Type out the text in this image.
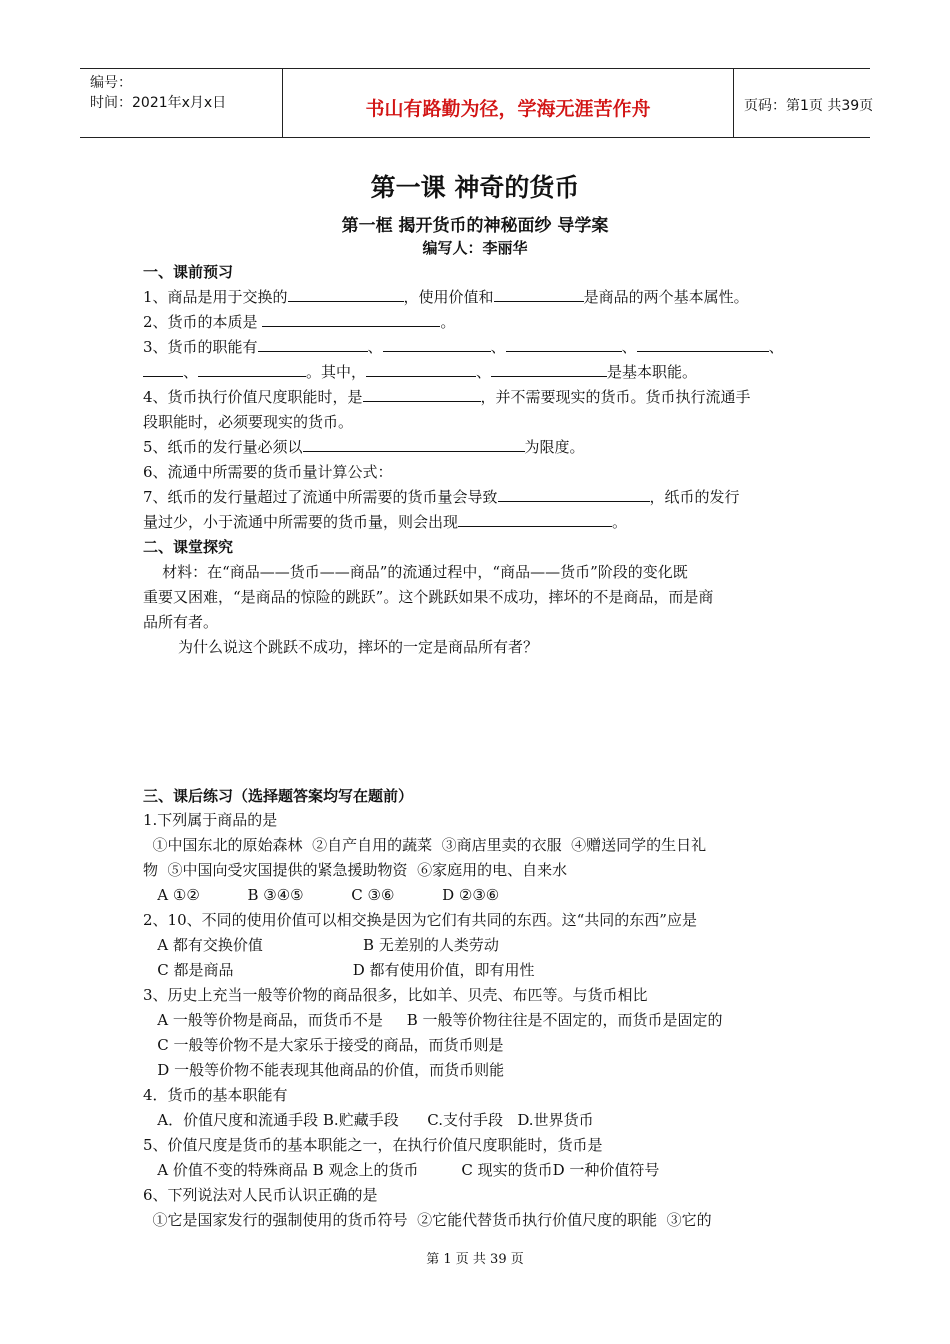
编号：
时间：2021年x月x日	书山有路勤为径，学海无涯苦作舟	页码：第1页 共39页
第一课 神奇的货币
第一框 揭开货币的神秘面纱 导学案
编写人：李丽华
一、课前预习
1、商品是用于交换的	，使用价值和	是商品的两个基本属性。
2、货币的本质是	。
3、货币的职能有	、	、	、	、
、	。其中，	、	是基本职能。
4、货币执行价值尺度职能时，是	，并不需要现实的货币。货币执行流通手
段职能时，必须要现实的货币。
5、纸币的发行量必须以	为限度。
6、流通中所需要的货币量计算公式：
7、纸币的发行量超过了流通中所需要的货币量会导致	，纸币的发行
量过少，小于流通中所需要的货币量，则会出现	。
二、课堂探究
材料：在“商品——货币——商品”的流通过程中，“商品——货币”阶段的变化既
重要又困难，“是商品的惊险的跳跃”。这个跳跃如果不成功，摔坏的不是商品，而是商
品所有者。
为什么说这个跳跃不成功，摔坏的一定是商品所有者？
三、课后练习（选择题答案均写在题前）
1.下列属于商品的是
①中国东北的原始森林  ②自产自用的蔬菜  ③商店里卖的衣服  ④赠送同学的生日礼
物  ⑤中国向受灾国提供的紧急援助物资  ⑥家庭用的电、自来水
A ①②          B ③④⑤          C ③⑥          D ②③⑥
2、10、不同的使用价值可以相交换是因为它们有共同的东西。这“共同的东西”应是
A 都有交换价值                     B 无差别的人类劳动
C 都是商品                         D 都有使用价值，即有用性
3、历史上充当一般等价物的商品很多，比如羊、贝壳、布匹等。与货币相比
A 一般等价物是商品，而货币不是     B 一般等价物往往是不固定的，而货币是固定的
C 一般等价物不是大家乐于接受的商品，而货币则是
D 一般等价物不能表现其他商品的价值，而货币则能
4．货币的基本职能有
A．价值尺度和流通手段 B.贮藏手段      C.支付手段   D.世界货币
5、价值尺度是货币的基本职能之一，在执行价值尺度职能时，货币是
A 价值不变的特殊商品 B 观念上的货币         C 现实的货币D 一种价值符号
6、下列说法对人民币认识正确的是
①它是国家发行的强制使用的货币符号  ②它能代替货币执行价值尺度的职能  ③它的
第 1 页 共 39 页
